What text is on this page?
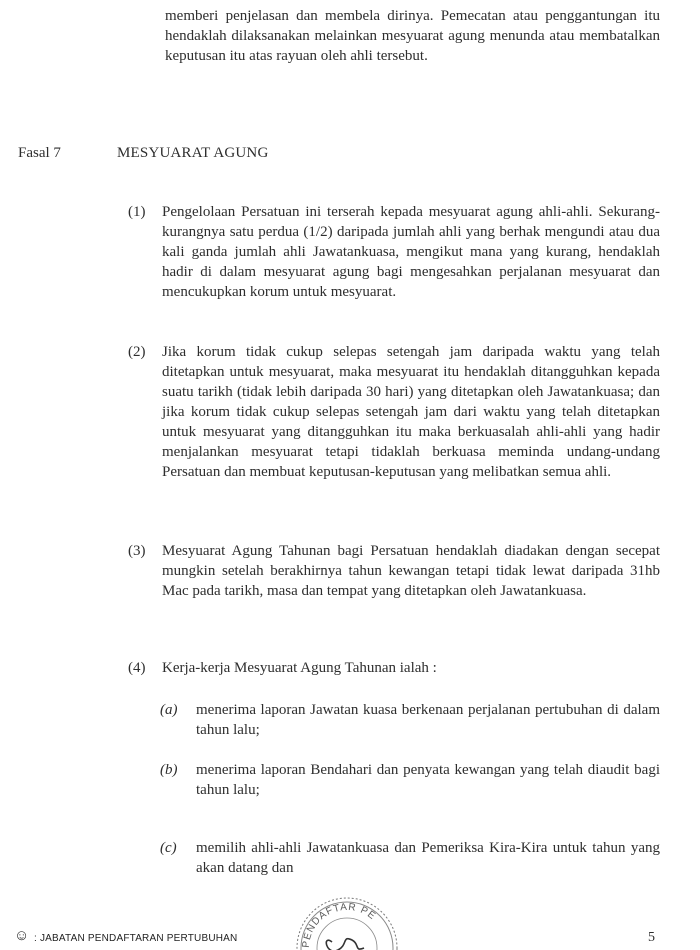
memberi penjelasan dan membela dirinya. Pemecatan atau penggantungan itu hendaklah dilaksanakan melainkan mesyuarat agung menunda atau membatalkan keputusan itu atas rayuan oleh ahli tersebut.
Fasal 7	MESYUARAT AGUNG
(1) Pengelolaan Persatuan ini terserah kepada mesyuarat agung ahli-ahli. Sekurang-kurangnya satu perdua (1/2) daripada jumlah ahli yang berhak mengundi atau dua kali ganda jumlah ahli Jawatankuasa, mengikut mana yang kurang, hendaklah hadir di dalam mesyuarat agung bagi mengesahkan perjalanan mesyuarat dan mencukupkan korum untuk mesyuarat.
(2) Jika korum tidak cukup selepas setengah jam daripada waktu yang telah ditetapkan untuk mesyuarat, maka mesyuarat itu hendaklah ditangguhkan kepada suatu tarikh (tidak lebih daripada 30 hari) yang ditetapkan oleh Jawatankuasa; dan jika korum tidak cukup selepas setengah jam dari waktu yang telah ditetapkan untuk mesyuarat yang ditangguhkan itu maka berkuasalah ahli-ahli yang hadir menjalankan mesyuarat tetapi tidaklah berkuasa meminda undang-undang Persatuan dan membuat keputusan-keputusan yang melibatkan semua ahli.
(3) Mesyuarat Agung Tahunan bagi Persatuan hendaklah diadakan dengan secepat mungkin setelah berakhirnya tahun kewangan tetapi tidak lewat daripada 31hb Mac pada tarikh, masa dan tempat yang ditetapkan oleh Jawatankuasa.
(4) Kerja-kerja Mesyuarat Agung Tahunan ialah :
(a) menerima laporan Jawatan kuasa berkenaan perjalanan pertubuhan di dalam tahun lalu;
(b) menerima laporan Bendahari dan penyata kewangan yang telah diaudit bagi tahun lalu;
(c) memilih ahli-ahli Jawatankuasa dan Pemeriksa Kira-Kira untuk tahun yang akan datang dan
☺ : JABATAN PENDAFTARAN PERTUBUHAN	PENDAFTAR PE
5
